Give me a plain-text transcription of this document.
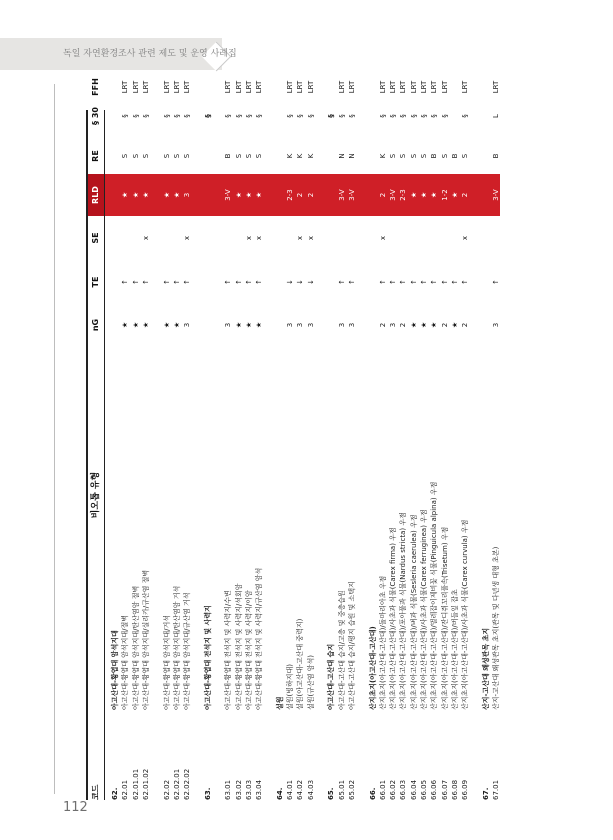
독일 자연환경조사 관련 제도 및 운영 사례집
코드
비오톱 유형
nG
TE
SE
RLD
RE
§ 30
FFH
62.
아고산대-황엽대 암석지대
62.01
아고산대-황엽대 암석지대/절벽
★
↑
★
S
§
LRT
62.01.01
아고산대-황엽대 암석지대/탄산염암 절벽
★
↑
★
S
§
LRT
62.01.02
아고산대-황엽대 암석지대/실리카/규산염 절벽
★
↑
x
★
S
§
LRT
62.02
아고산대-황엽대 암석지대/거석
★
↑
★
S
§
LRT
62.02.01
아고산대-황엽대 암석지대/탄산염암 거석
★
↑
★
S
§
LRT
62.02.02
아고산대-황엽대 암석지대/규산염 거석
3
↑
x
3
S
§
LRT
63.
아고산대-황엽대 전석지 및 사력지
§
63.01
아고산대-황엽대 전석지 및 사력지/수변
3
↑
3-V
B
§
LRT
63.02
아고산대-황엽대 전석지 및 사력지/석회암
★
↑
★
S
§
LRT
63.03
아고산대-황엽대 전석지 및 사력지/이암
★
↑
x
★
S
§
LRT
63.04
아고산대-황엽대 전석지 및 사력지/규산염 암석
★
↑
x
★
S
§
LRT
64.
설원
64.01
설원(빙하지대)
3
↓
2-3
K
§
LRT
64.02
설원(아고산대-고산대 중력지)
3
↓
x
2
K
§
LRT
64.03
설원(규산염 암석)
3
↓
x
2
K
§
LRT
65.
아고산대-고산대 습지
§
65.01
아고산대-고산대 습지/고층 및 중층습원
3
↑
3-V
N
§
LRT
65.02
아고산대-고산대 습지/평지 습원 및 소택지
3
↑
3-V
N
§
LRT
66.
산지초지(아고산대-고산대)
66.01
산지초지(아고산대-고산대)/돌마리아초 우점
2
↑
x
2
K
§
LRT
66.02
산지초지(아고산대-고산대)/사초과 식물(Carex firma) 우점
3
↑
3-V
S
§
LRT
66.03
산지초지(아고산대-고산대)/포아풀과 식물(Nardus stricta) 우점
2
↑
2-3
S
§
LRT
66.04
산지초지(아고산대-고산대)/벼과 식물(Sesleria caerulea) 우점
★
↑
★
S
§
LRT
66.05
산지초지(아고산대-고산대)/사초과 식물(Carex ferruginea) 우점
★
↑
★
S
§
LRT
66.06
산지초지(아고산대-고산대)/벌레잡이제비꽃 식물(Pinguicula alpina) 우점
★
↑
★
B
§
LRT
66.07
산지초지(아고산대-고산대)/잔디쥐꼬리풀속(Trisetum) 우점
2
↑
1-2
S
§
LRT
66.08
산지초지(아고산대-고산대)/버들잎 잡초
★
↑
★
B
66.09
산지초지(아고산대-고산대)/사초과 식물(Carex curvula) 우점
2
↑
x
2
S
§
LRT
67.
산지-고산대 왜성관목 초지
67.01
산지-고산대 왜성관목 초지(관목 및 다년생 대형 초본)
3
↑
3-V
B
L
LRT
112
